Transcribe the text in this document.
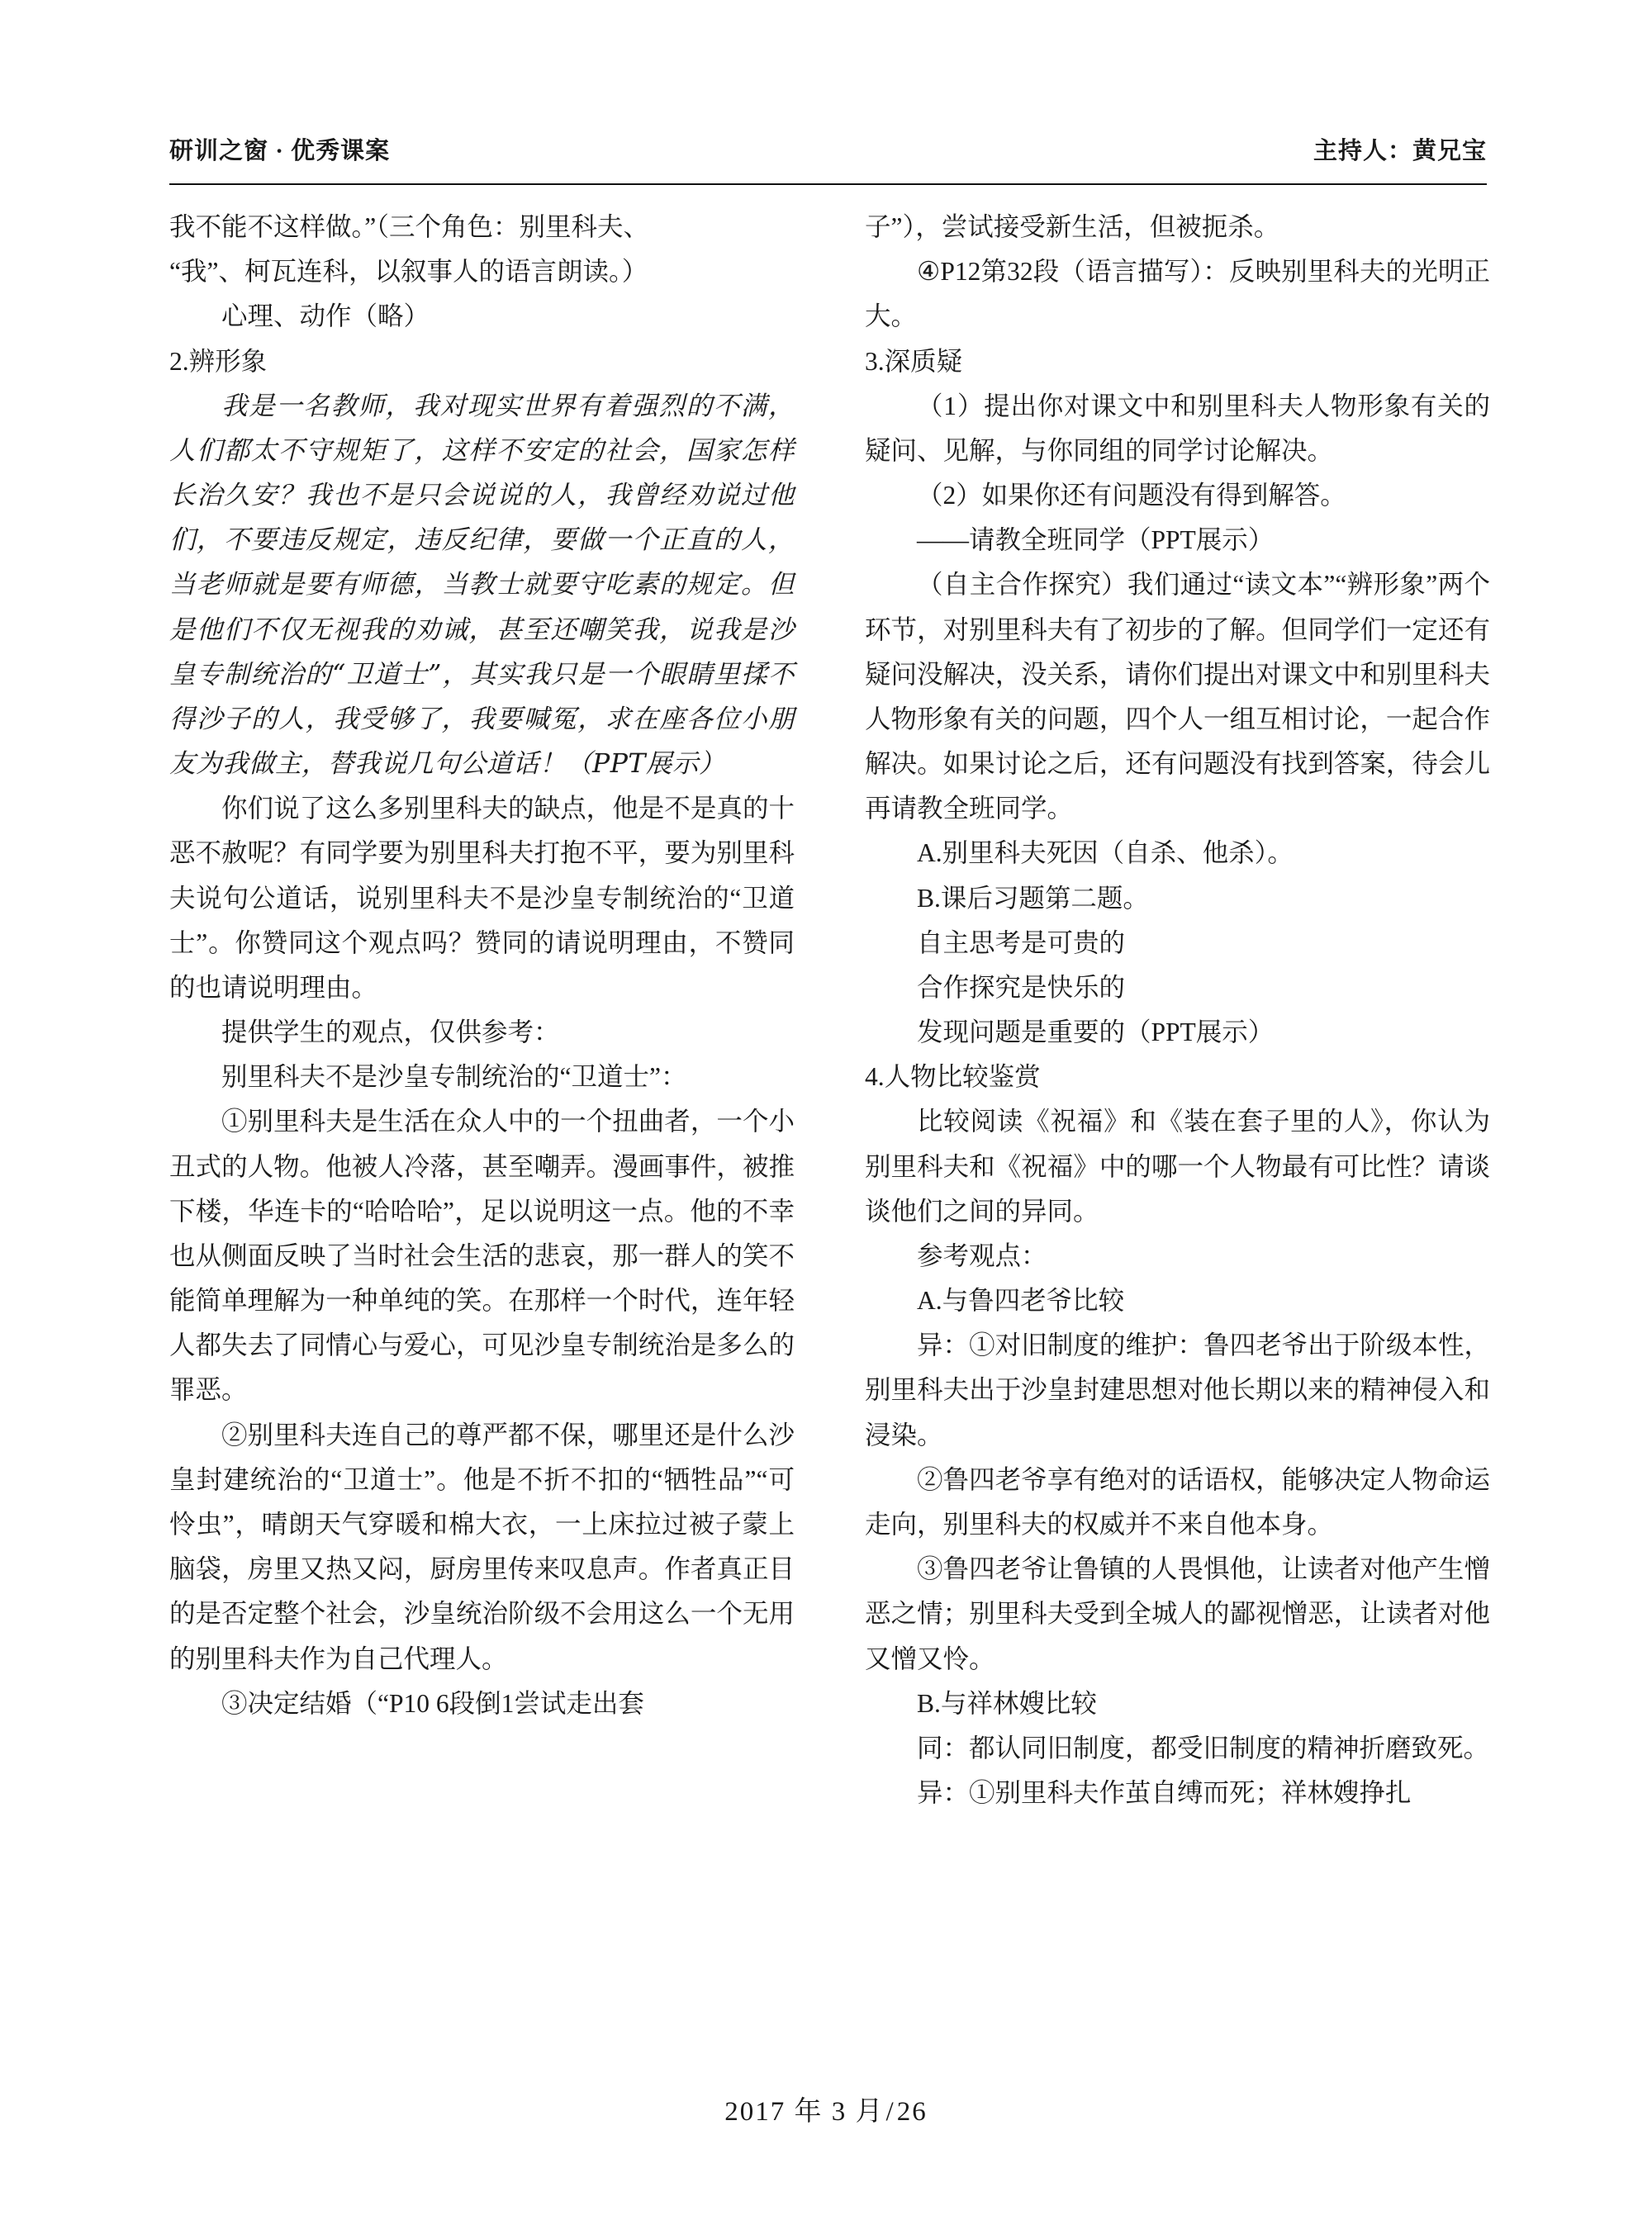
研训之窗 · 优秀课案	主持人：黄兄宝

我不能不这样做。”（三个角色：别里科夫、

“我”、柯瓦连科，以叙事人的语言朗读。）

心理、动作（略）

2.辨形象

我是一名教师，我对现实世界有着强烈的不满，人们都太不守规矩了，这样不安定的社会，国家怎样长治久安？我也不是只会说说的人，我曾经劝说过他们，不要违反规定，违反纪律，要做一个正直的人，当老师就是要有师德，当教士就要守吃素的规定。但是他们不仅无视我的劝诫，甚至还嘲笑我，说我是沙皇专制统治的“卫道士”，其实我只是一个眼睛里揉不得沙子的人，我受够了，我要喊冤，求在座各位小朋友为我做主，替我说几句公道话！（PPT展示）

你们说了这么多别里科夫的缺点，他是不是真的十恶不赦呢？有同学要为别里科夫打抱不平，要为别里科夫说句公道话，说别里科夫不是沙皇专制统治的“卫道士”。你赞同这个观点吗？赞同的请说明理由，不赞同的也请说明理由。

提供学生的观点，仅供参考：

别里科夫不是沙皇专制统治的“卫道士”：

①别里科夫是生活在众人中的一个扭曲者，一个小丑式的人物。他被人冷落，甚至嘲弄。漫画事件，被推下楼，华连卡的“哈哈哈”，足以说明这一点。他的不幸也从侧面反映了当时社会生活的悲哀，那一群人的笑不能简单理解为一种单纯的笑。在那样一个时代，连年轻人都失去了同情心与爱心，可见沙皇专制统治是多么的罪恶。

②别里科夫连自己的尊严都不保，哪里还是什么沙皇封建统治的“卫道士”。他是不折不扣的“牺牲品”“可怜虫”，晴朗天气穿暖和棉大衣，一上床拉过被子蒙上脑袋，房里又热又闷，厨房里传来叹息声。作者真正目的是否定整个社会，沙皇统治阶级不会用这么一个无用的别里科夫作为自己代理人。

③决定结婚（“P10 6段倒1尝试走出套

子”），尝试接受新生活，但被扼杀。

④P12第32段（语言描写）：反映别里科夫的光明正大。

3.深质疑

（1）提出你对课文中和别里科夫人物形象有关的疑问、见解，与你同组的同学讨论解决。

（2）如果你还有问题没有得到解答。

——请教全班同学（PPT展示）

（自主合作探究）我们通过“读文本”“辨形象”两个环节，对别里科夫有了初步的了解。但同学们一定还有疑问没解决，没关系，请你们提出对课文中和别里科夫人物形象有关的问题，四个人一组互相讨论，一起合作解决。如果讨论之后，还有问题没有找到答案，待会儿再请教全班同学。

A.别里科夫死因（自杀、他杀）。

B.课后习题第二题。

自主思考是可贵的

合作探究是快乐的

发现问题是重要的（PPT展示）

4.人物比较鉴赏

比较阅读《祝福》和《装在套子里的人》，你认为别里科夫和《祝福》中的哪一个人物最有可比性？请谈谈他们之间的异同。

参考观点：

A.与鲁四老爷比较

异：①对旧制度的维护：鲁四老爷出于阶级本性，别里科夫出于沙皇封建思想对他长期以来的精神侵入和浸染。

②鲁四老爷享有绝对的话语权，能够决定人物命运走向，别里科夫的权威并不来自他本身。

③鲁四老爷让鲁镇的人畏惧他，让读者对他产生憎恶之情；别里科夫受到全城人的鄙视憎恶，让读者对他又憎又怜。

B.与祥林嫂比较

同：都认同旧制度，都受旧制度的精神折磨致死。

异：①别里科夫作茧自缚而死；祥林嫂挣扎

2017 年 3 月/26
